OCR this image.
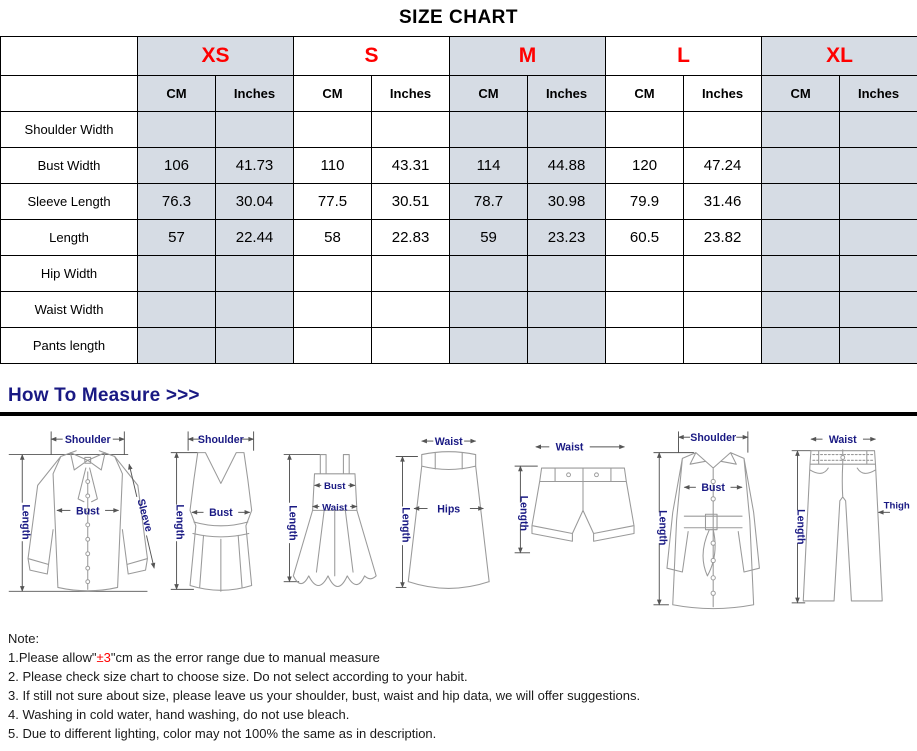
SIZE CHART
	XS		S		M		L		XL	
	CM	Inches	CM	Inches	CM	Inches	CM	Inches	CM	Inches
Shoulder Width										
Bust Width	106	41.73	110	43.31	114	44.88	120	47.24		
Sleeve Length	76.3	30.04	77.5	30.51	78.7	30.98	79.9	31.46		
Length	57	22.44	58	22.83	59	23.23	60.5	23.82		
Hip Width										
Waist Width										
Pants length										
How To Measure >>>
Shoulder
Length	Bust	Sleeve
Shoulder
Length Bust	Length
Bust
Waist
Waist
Length Hips
Waist
Length
Shoulder
Length
Bust
Waist
Length
Thigh
Note:
1.Please allow"±3"cm as the error range due to manual measure
2. Please check size chart to choose size. Do not select according to your habit.
3. If still not sure about size, please leave us your shoulder, bust, waist and hip data, we will offer suggestions.
4. Washing in cold water, hand washing, do not use bleach.
5. Due to different lighting, color may not 100% the same as in description.
